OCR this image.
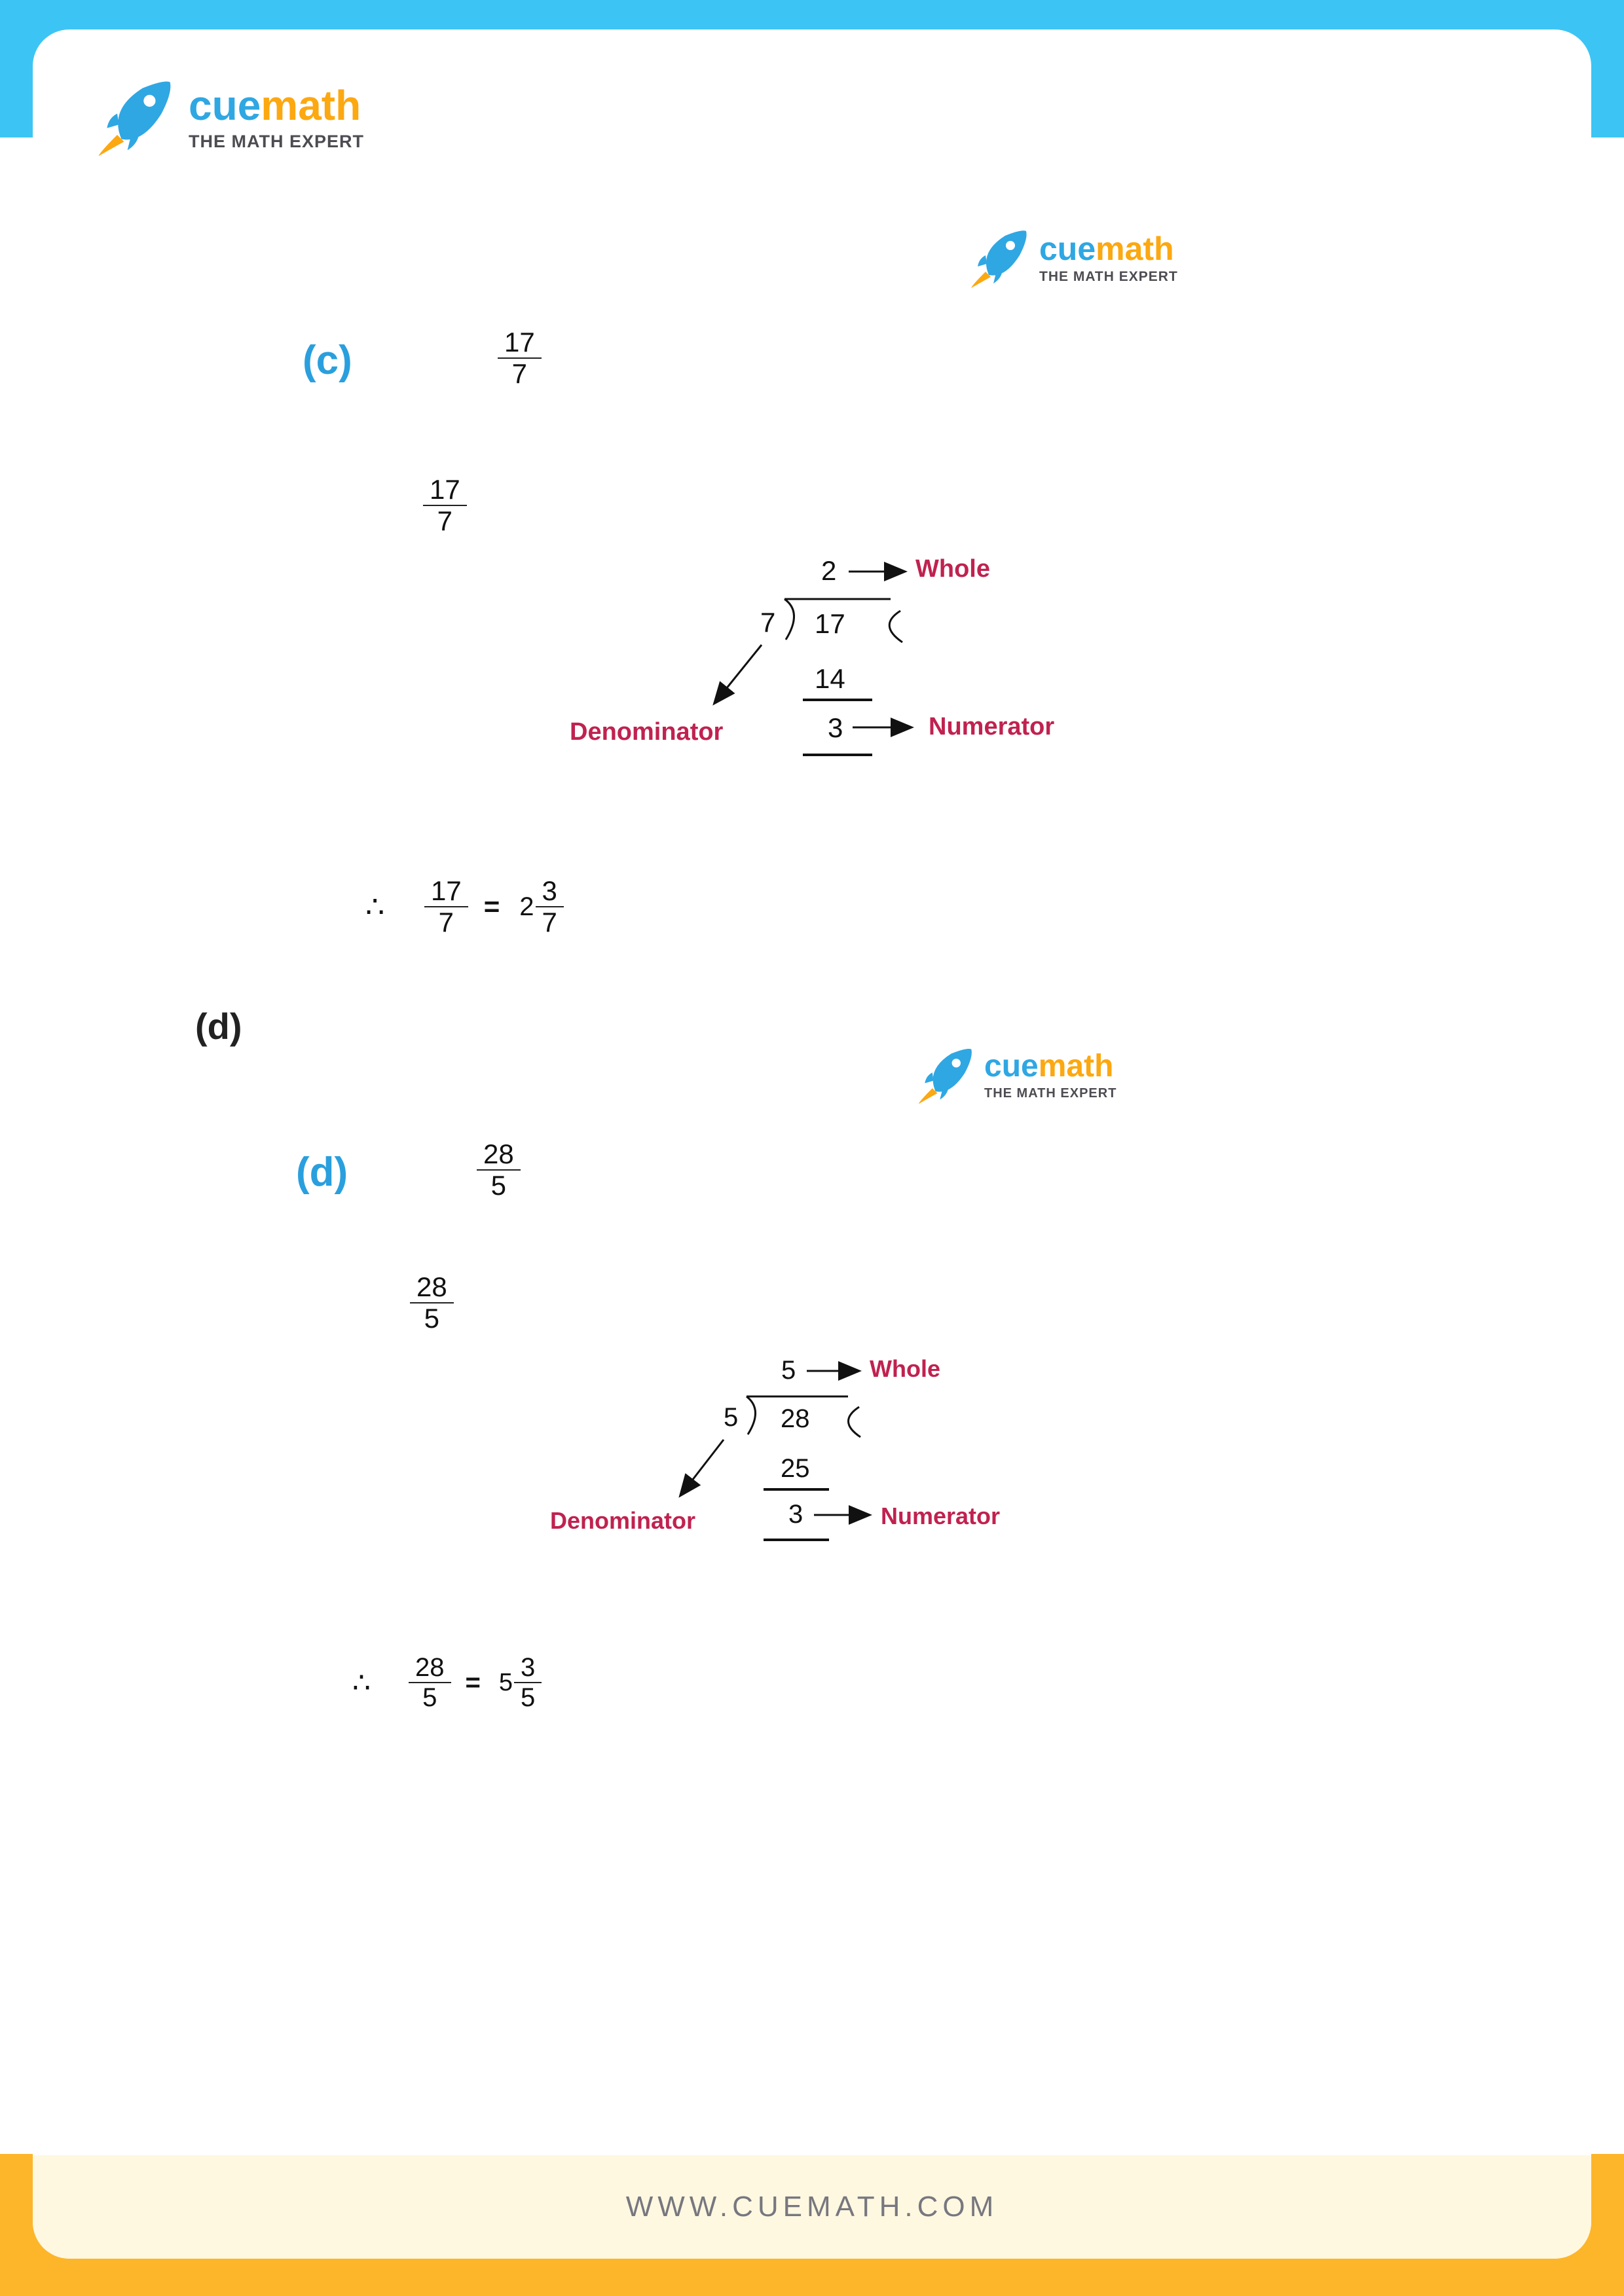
cuemath
THE MATH EXPERT
cuemath
THE MATH EXPERT
(c)	$\frac{17}{7}$
$\frac{17}{7}$
2	Whole
7 17
14
3
Denominator	Numerator
∴	$\frac{17}{7} = 2 \frac{3}{7}$
(d)
cuemath
THE MATH EXPERT
(d)	$\frac{28}{5}$
$\frac{28}{5}$
5	Whole
5 28
25
3
Denominator	Numerator
∴	$\frac{28}{5} = 5 \frac{3}{5}$
WWW.CUEMATH.COM
